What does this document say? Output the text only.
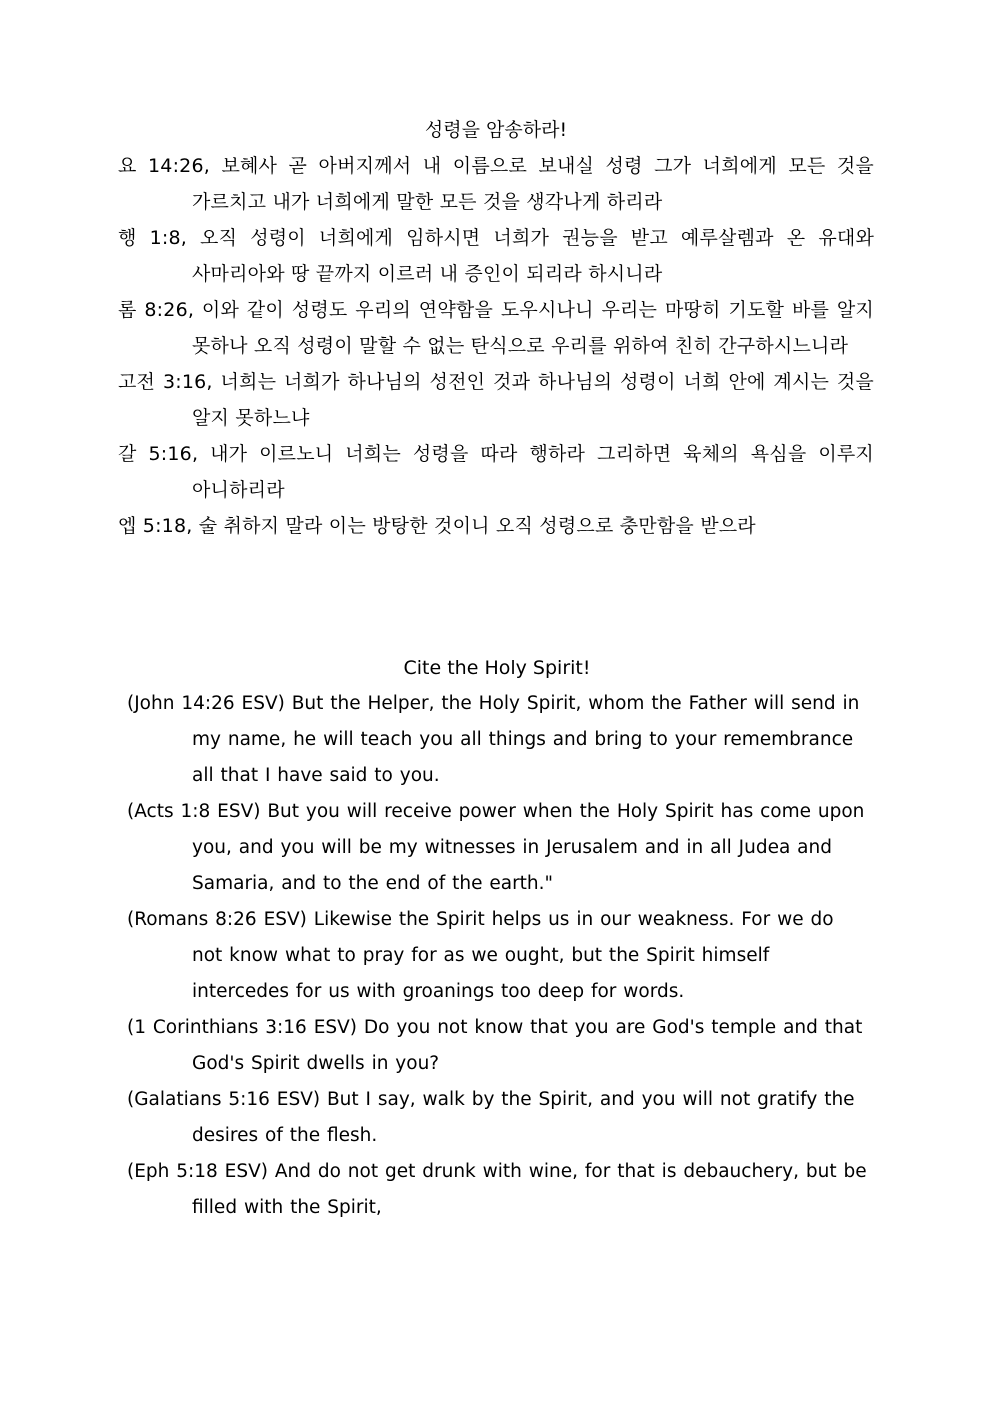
성령을 암송하라!
요 14:26, 보혜사 곧 아버지께서 내 이름으로 보내실 성령 그가 너희에게 모든 것을 가르치고 내가 너희에게 말한 모든 것을 생각나게 하리라
행 1:8, 오직 성령이 너희에게 임하시면 너희가 권능을 받고 예루살렘과 온 유대와 사마리아와 땅 끝까지 이르러 내 증인이 되리라 하시니라
롬 8:26, 이와 같이 성령도 우리의 연약함을 도우시나니 우리는 마땅히 기도할 바를 알지 못하나 오직 성령이 말할 수 없는 탄식으로 우리를 위하여 친히 간구하시느니라
고전 3:16, 너희는 너희가 하나님의 성전인 것과 하나님의 성령이 너희 안에 계시는 것을 알지 못하느냐
갈 5:16, 내가 이르노니 너희는 성령을 따라 행하라 그리하면 육체의 욕심을 이루지 아니하리라
엡 5:18, 술 취하지 말라 이는 방탕한 것이니 오직 성령으로 충만함을 받으라
Cite the Holy Spirit!
(John 14:26 ESV) But the Helper, the Holy Spirit, whom the Father will send in my name, he will teach you all things and bring to your remembrance all that I have said to you.
(Acts 1:8 ESV) But you will receive power when the Holy Spirit has come upon you, and you will be my witnesses in Jerusalem and in all Judea and Samaria, and to the end of the earth."
(Romans 8:26 ESV) Likewise the Spirit helps us in our weakness. For we do not know what to pray for as we ought, but the Spirit himself intercedes for us with groanings too deep for words.
(1 Corinthians 3:16 ESV) Do you not know that you are God's temple and that God's Spirit dwells in you?
(Galatians 5:16 ESV) But I say, walk by the Spirit, and you will not gratify the desires of the flesh.
(Eph 5:18 ESV) And do not get drunk with wine, for that is debauchery, but be filled with the Spirit,
